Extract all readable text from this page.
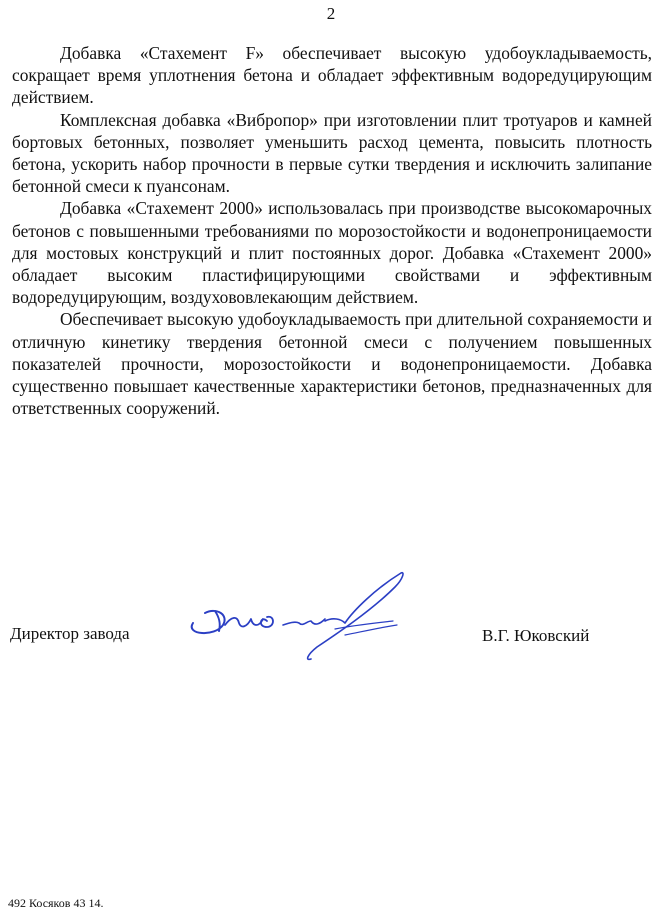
2

Добавка «Стахемент F» обеспечивает высокую удобоукладываемость, сокращает время уплотнения бетона и обладает эффективным водоредуцирующим действием.

Комплексная добавка «Вибропор» при изготовлении плит тротуаров и камней бортовых бетонных, позволяет уменьшить расход цемента, повысить плотность бетона, ускорить набор прочности в первые сутки твердения и исключить залипание бетонной смеси к пуансонам.

Добавка «Стахемент 2000» использовалась при производстве высокомарочных бетонов с повышенными требованиями по морозостойкости и водонепроницаемости для мостовых конструкций и плит постоянных дорог. Добавка «Стахемент 2000» обладает высоким пластифицирующими свойствами и эффективным водоредуцирующим, воздухововлекающим действием.

Обеспечивает высокую удобоукладываемость при длительной сохраняемости и отличную кинетику твердения бетонной смеси с получением повышенных показателей прочности, морозостойкости и водонепроницаемости. Добавка существенно повышает качественные характеристики бетонов, предназначенных для ответственных сооружений.

Директор завода	В.Г. Юковский
492 Косяков 43 14.
